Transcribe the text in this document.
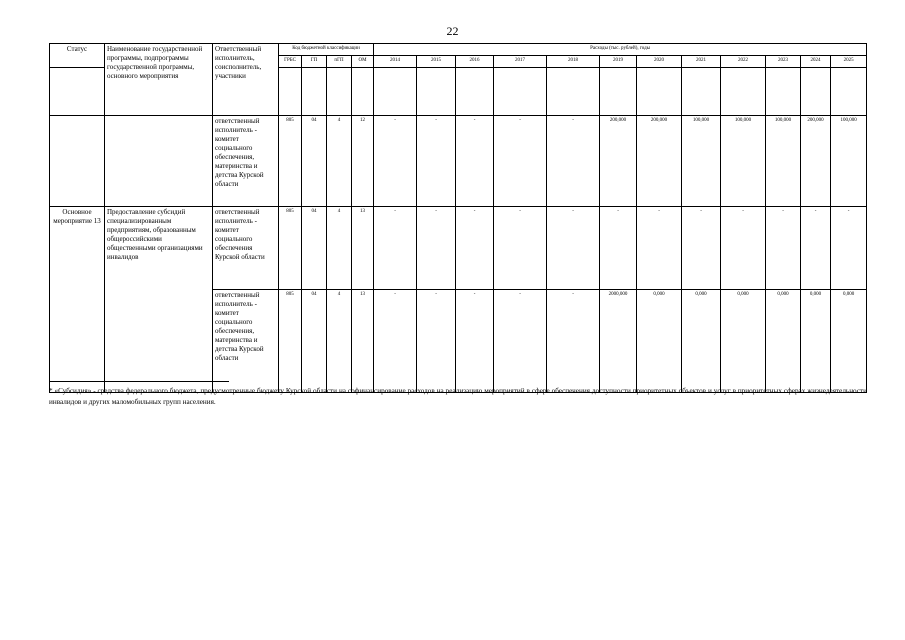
22
Статус	Наименование государственной программы, подпрограммы государственной программы, основного мероприятия	Ответственный исполнитель, соисполнитель, участники	Код бюджетной классификации				Расходы (тыс. рублей), годы											
			ГРБС	ГП	пГП	ОМ	2014	2015	2016	2017	2018	2019	2020	2021	2022	2023	2024	2025

		ответственный исполнитель - комитет социального обеспечения, материнства и детства Курской области	805	04	4	12	-	-	-	-	-	200,000	200,000	100,000	100,000	100,000	200,000	100,000
Основное мероприятие 13	Предоставление субсидий специализированным предприятиям, образованным общероссийскими общественными организациями инвалидов	ответственный исполнитель - комитет социального обеспечения Курской области	805	04	4	13	-	-	-	-	-	-	-	-	-	-	-	-
		ответственный исполнитель - комитет социального обеспечения, материнства и детства Курской области	805	04	4	13	-	-	-	-	-	2000,000	0,000	0,000	0,000	0,000	0,000	0,000
* «Субсидия» - средства федерального бюджета, предусмотренные бюджету Курской области на софинансирование расходов на реализацию мероприятий в сфере обеспечения доступности приоритетных объектов и услуг в приоритетных сферах жизнедеятельности инвалидов и других маломобильных групп населения.
